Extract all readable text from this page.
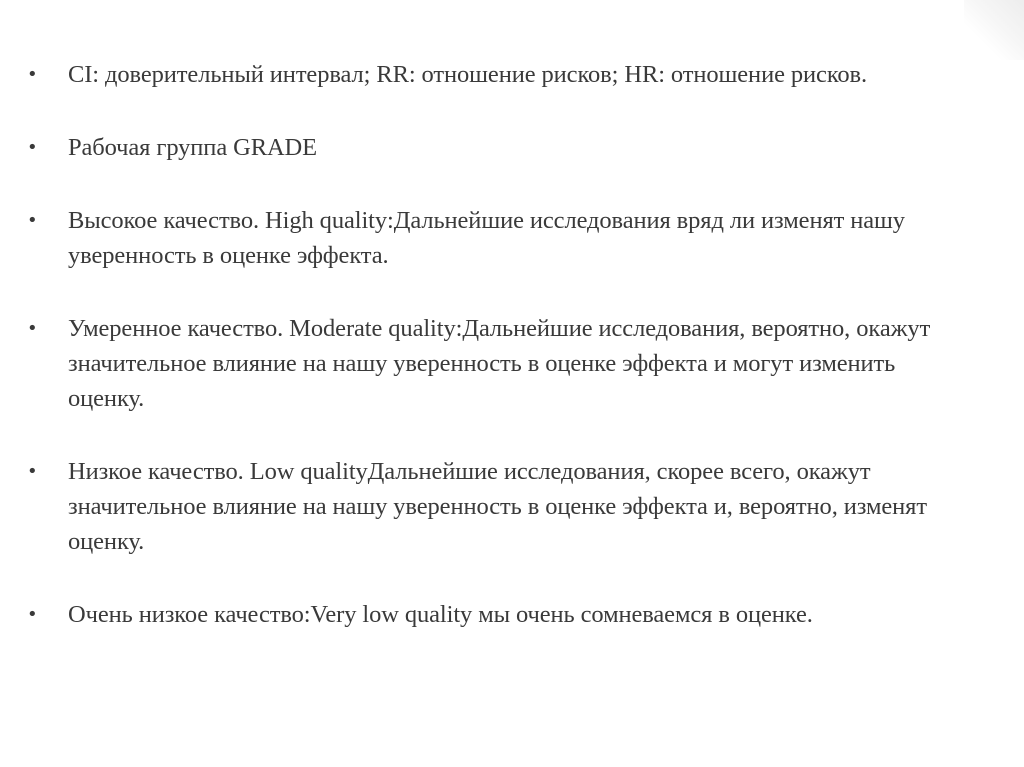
• CI: доверительный интервал; RR: отношение рисков; HR: отношение рисков.
• Рабочая группа GRADE
• Высокое качество. High quality:Дальнейшие исследования вряд ли изменят нашу уверенность в оценке эффекта.
• Умеренное качество. Moderate quality:Дальнейшие исследования, вероятно, окажут значительное влияние на нашу уверенность в оценке эффекта и могут изменить оценку.
• Низкое качество. Low qualityДальнейшие исследования, скорее всего, окажут значительное влияние на нашу уверенность в оценке эффекта и, вероятно, изменят оценку.
• Очень низкое качество:Very low quality мы очень сомневаемся в оценке.
